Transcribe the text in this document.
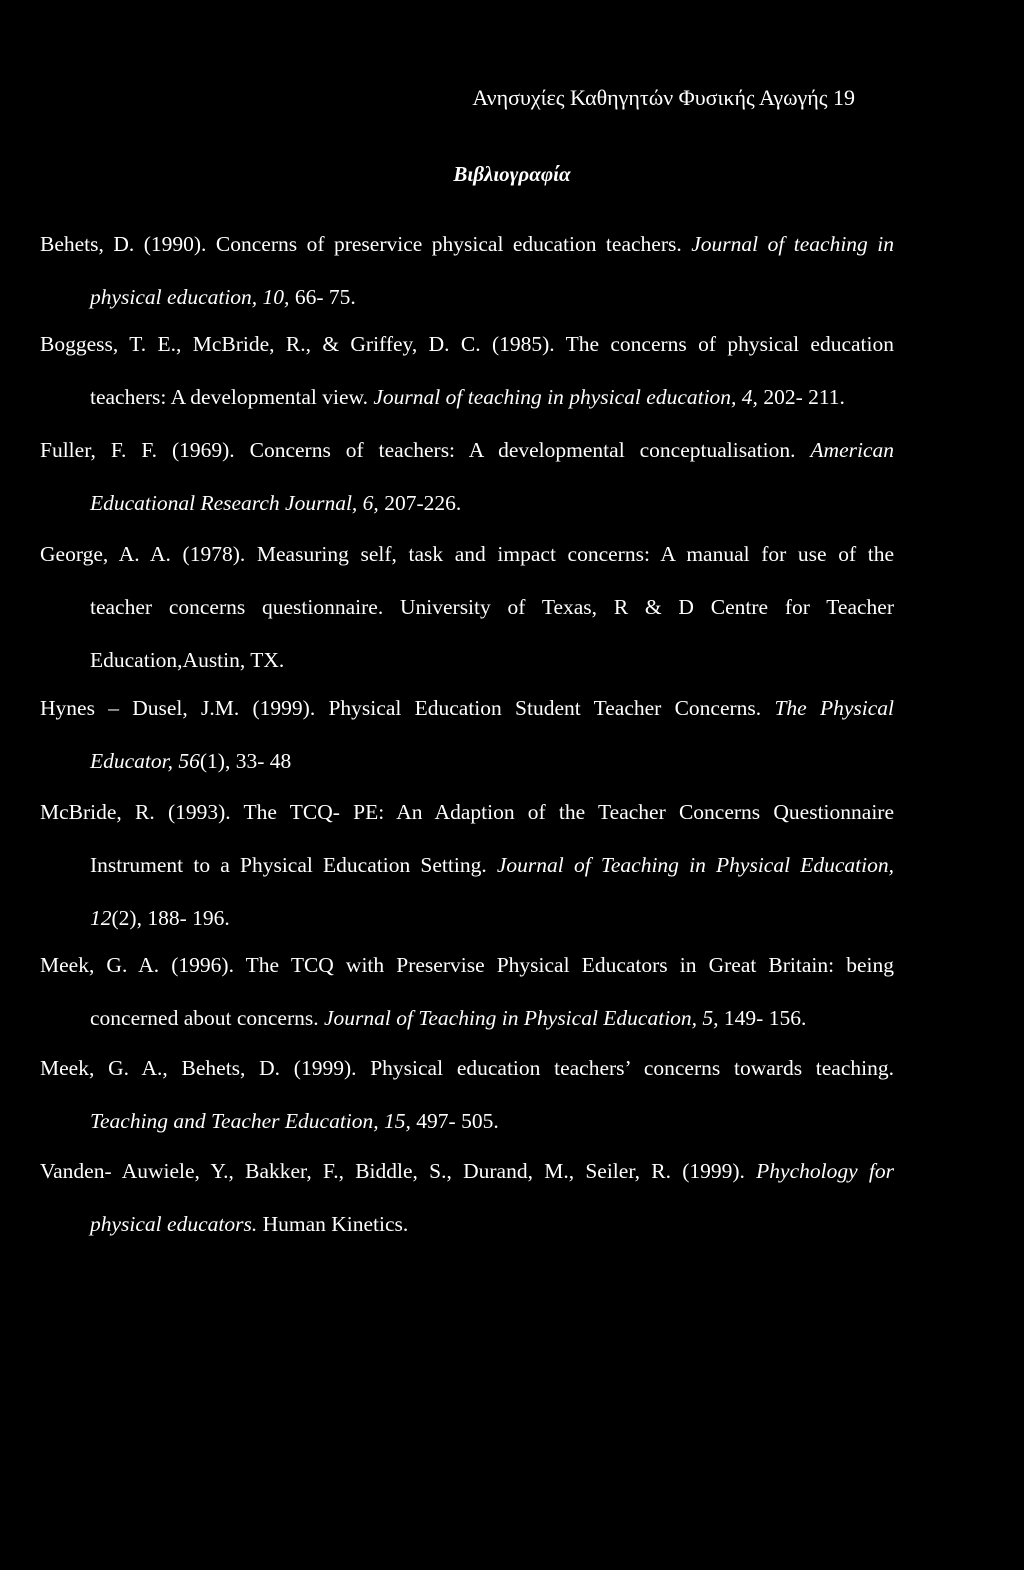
Ανησυχίες Καθηγητών Φυσικής Αγωγής 19
Βιβλιογραφία
Behets, D. (1990). Concerns of preservice physical education teachers. Journal of teaching in
physical education, 10, 66- 75.
Boggess, T. E., McBride, R., & Griffey, D. C. (1985). The concerns of physical education
teachers: A developmental view. Journal of teaching in physical education, 4, 202- 211.
Fuller, F. F. (1969). Concerns of teachers: A developmental conceptualisation. American
Educational Research Journal, 6, 207-226.
George, A. A. (1978). Measuring self, task and impact concerns: A manual for use of the
teacher concerns questionnaire. University of Texas, R & D Centre for Teacher
Education,Austin, TX.
Hynes – Dusel, J.M. (1999). Physical Education Student Teacher Concerns. The Physical
Educator, 56(1), 33- 48
McBride, R. (1993). The TCQ- PE: An Adaption of the Teacher Concerns Questionnaire
Instrument to a Physical Education Setting. Journal of Teaching in Physical Education,
12(2), 188- 196.
Meek, G. A. (1996). The TCQ with Preservise Physical Educators in Great Britain: being
concerned about concerns. Journal of Teaching in Physical Education, 5, 149- 156.
Meek, G. A., Behets, D. (1999). Physical education teachers’ concerns towards teaching.
Teaching and Teacher Education, 15, 497- 505.
Vanden- Auwiele, Y., Bakker, F., Biddle, S., Durand, M., Seiler, R. (1999). Phychology for
physical educators. Human Kinetics.
